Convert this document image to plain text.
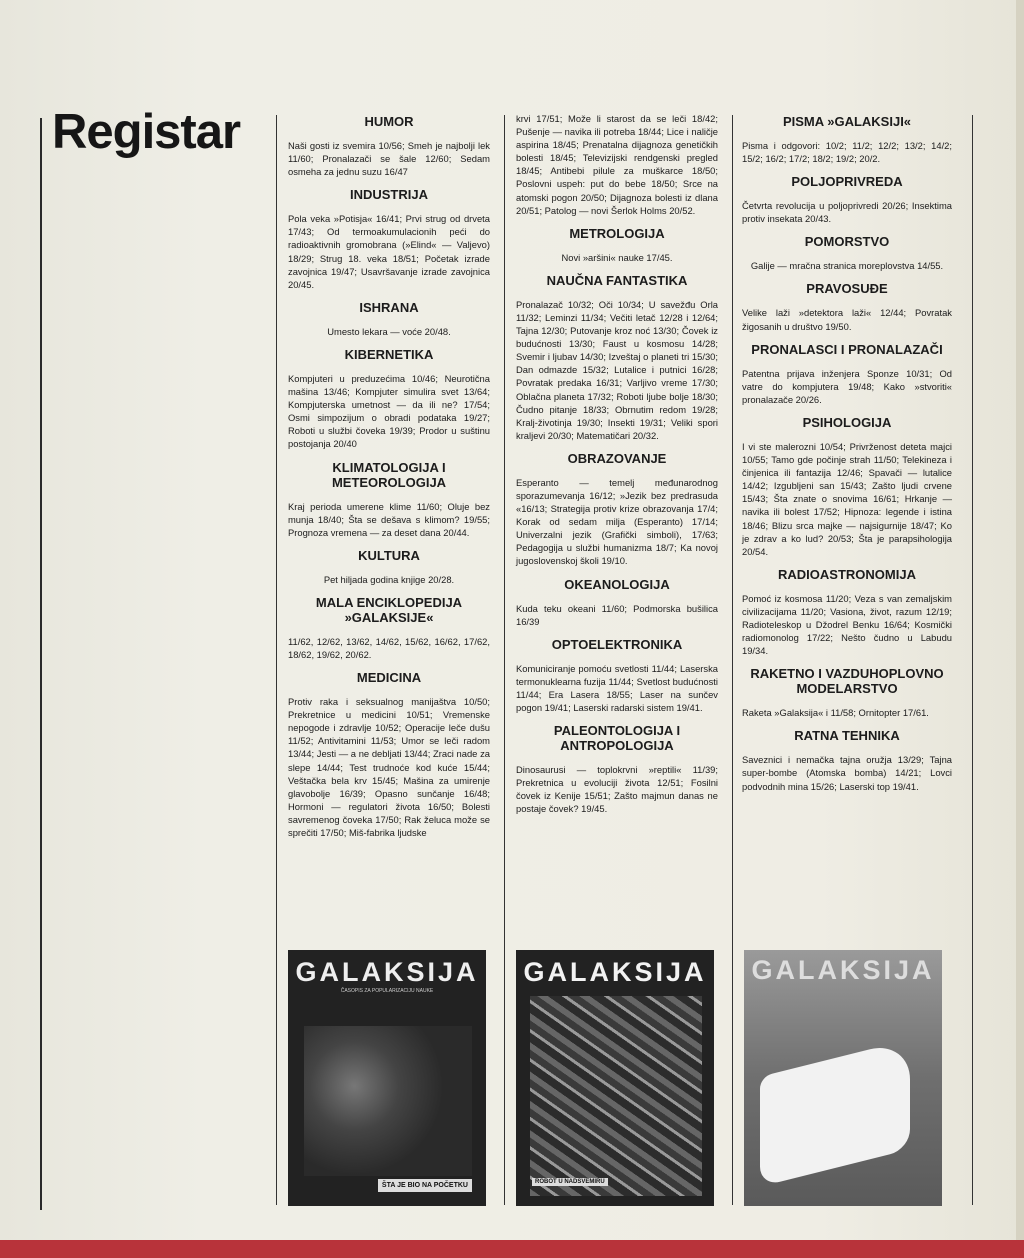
Registar	HUMOR

Naši gosti iz svemira 10/56; Smeh je najbolji lek 11/60; Pronalazači se šale 12/60; Sedam osmeha za jednu suzu 16/47

INDUSTRIJA

Pola veka »Potisja« 16/41; Prvi strug od drveta 17/43; Od termoakumulacionih peći do radioaktivnih gromobrana (»Elind« — Valjevo) 18/29; Strug 18. veka 18/51; Početak izrade zavojnica 19/47; Usavršavanje izrade zavojnica 20/45.

ISHRANA

Umesto lekara — voće 20/48.

KIBERNETIKA

Kompjuteri u preduzećima 10/46; Neurotična mašina 13/46; Kompjuter simulira svet 13/64; Kompjuterska umetnost — da ili ne? 17/54; Osmi simpozijum o obradi podataka 19/27; Roboti u službi čoveka 19/39; Prodor u suštinu postojanja 20/40

KLIMATOLOGIJA I METEOROLOGIJA

Kraj perioda umerene klime 11/60; Oluje bez munja 18/40; Šta se dešava s klimom? 19/55; Prognoza vremena — za deset dana 20/44.

KULTURA

Pet hiljada godina knjige 20/28.

MALA ENCIKLOPEDIJA »GALAKSIJE«

11/62, 12/62, 13/62, 14/62, 15/62, 16/62, 17/62, 18/62, 19/62, 20/62.

MEDICINA

Protiv raka i seksualnog manijaštva 10/50; Prekretnice u medicini 10/51; Vremenske nepogode i zdravlje 10/52; Operacije leče dušu 11/52; Antivitamini 11/53; Umor se leči radom 13/44; Jesti — a ne debljati 13/44; Zraci nade za slepe 14/44; Test trudnoće kod kuće 15/44; Veštačka bela krv 15/45; Mašina za umirenje glavobolje 16/39; Opasno sunčanje 16/48; Hormoni — regulatori života 16/50; Bolesti savremenog čoveka 17/50; Rak želuca može se sprečiti 17/50; Miš-fabrika ljudske

krvi 17/51; Može li starost da se leči 18/42; Pušenje — navika ili potreba 18/44; Lice i naličje aspirina 18/45; Prenatalna dijagnoza genetičkih bolesti 18/45; Televizijski rendgenski pregled 18/45; Antibebi pilule za muškarce 18/50; Poslovni uspeh: put do bebe 18/50; Srce na atomski pogon 20/50; Dijagnoza bolesti iz dlana 20/51; Patolog — novi Šerlok Holms 20/52.

METROLOGIJA

Novi »aršini« nauke 17/45.

NAUČNA FANTASTIKA

Pronalazač 10/32; Oči 10/34; U savežđu Orla 11/32; Leminzi 11/34; Večiti letač 12/28 i 12/64; Tajna 12/30; Putovanje kroz noć 13/30; Čovek iz budućnosti 13/30; Faust u kosmosu 14/28; Svemir i ljubav 14/30; Izveštaj o planeti tri 15/30; Dan odmazde 15/32; Lutalice i putnici 16/28; Povratak predaka 16/31; Varljivo vreme 17/30; Oblačna planeta 17/32; Roboti ljube bolje 18/30; Čudno pitanje 18/33; Obrnutim redom 19/28; Kralj-životinja 19/30; Insekti 19/31; Veliki spori kraljevi 20/30; Matematičari 20/32.

OBRAZOVANJE

Esperanto — temelj međunarodnog sporazumevanja 16/12; »Jezik bez predrasuda «16/13; Strategija protiv krize obrazovanja 17/4; Korak od sedam milja (Esperanto) 17/14; Univerzalni jezik (Grafički simboli), 17/63; Pedagogija u službi humanizma 18/7; Ka novoj jugoslovenskoj školi 19/10.

OKEANOLOGIJA

Kuda teku okeani 11/60; Podmorska bušilica 16/39

OPTOELEKTRONIKA

Komuniciranje pomoću svetlosti 11/44; Laserska termonuklearna fuzija 11/44; Svetlost budućnosti 11/44; Era Lasera 18/55; Laser na sunčev pogon 19/41; Laserski radarski sistem 19/41.

PALEONTOLOGIJA I ANTROPOLOGIJA

Dinosaurusi — toplokrvni »reptili« 11/39; Prekretnica u evoluciji života 12/51; Fosilni čovek iz Kenije 15/51; Zašto majmun danas ne postaje čovek? 19/45.

PISMA »GALAKSIJI«

Pisma i odgovori: 10/2; 11/2; 12/2; 13/2; 14/2; 15/2; 16/2; 17/2; 18/2; 19/2; 20/2.

POLJOPRIVREDA

Četvrta revolucija u poljoprivredi 20/26; Insektima protiv insekata 20/43.

POMORSTVO

Galije — mračna stranica moreplovstva 14/55.

PRAVOSUĐE

Velike laži »detektora laži« 12/44; Povratak žigosanih u društvo 19/50.

PRONALASCI I PRONALAZAČI

Patentna prijava inženjera Sponze 10/31; Od vatre do kompjutera 19/48; Kako »stvoriti« pronalazače 20/26.

PSIHOLOGIJA

I vi ste malerozni 10/54; Privrženost deteta majci 10/55; Tamo gde počinje strah 11/50; Telekineza i činjenica ili fantazija 12/46; Spavači — lutalice 14/42; Izgubljeni san 15/43; Zašto ljudi crvene 15/43; Šta znate o snovima 16/61; Hrkanje — navika ili bolest 17/52; Hipnoza: legende i istina 18/46; Blizu srca majke — najsigurnije 18/47; Ko je zdrav a ko lud? 20/53; Šta je parapsihologija 20/54.

RADIOASTRONOMIJA

Pomoć iz kosmosa 11/20; Veza s van zemaljskim civilizacijama 11/20; Vasiona, život, razum 12/19; Radioteleskop u Džodrel Benku 16/64; Kosmički radiomonolog 17/22; Nešto čudno u Labudu 19/34.

RAKETNO I VAZDUHOPLOVNO MODELARSTVO

Raketa »Galaksija« i 11/58; Ornitopter 17/61.

RATNA TEHNIKA

Saveznici i nemačka tajna oružja 13/29; Tajna super-bombe (Atomska bomba) 14/21; Lovci podvodnih mina 15/26; Laserski top 19/41.

GALAKSIJA
ČASOPIS ZA POPULARIZACIJU NAUKE
ŠTA JE BIO NA POČETKU
GALAKSIJA
ROBOT U NADSVEMIRU
GALAKSIJA
